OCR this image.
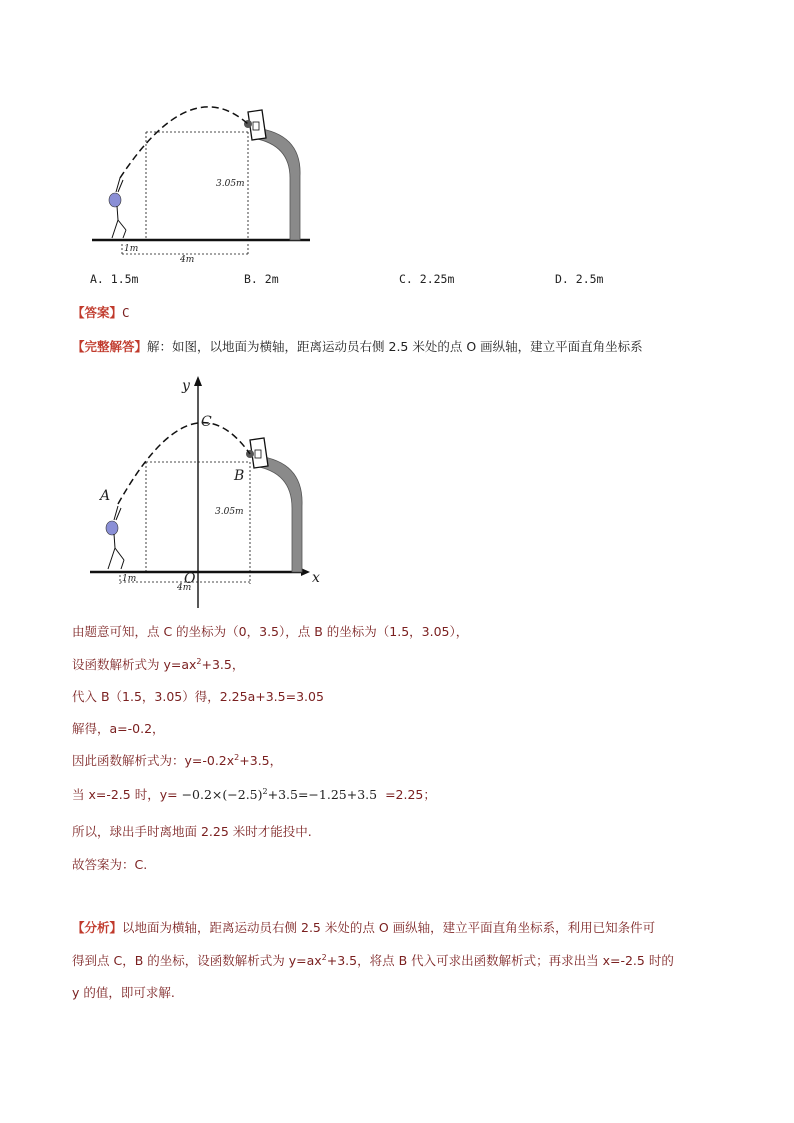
3.05m
1m
4m
A. 1.5m	B. 2m	C. 2.25m	D. 2.5m
【答案】C
【完整解答】解：如图，以地面为横轴，距离运动员右侧 2.5 米处的点 O 画纵轴，建立平面直角坐标系
y
x
A
B
C
O
3.05m
1m
4m
由题意可知，点 C 的坐标为（0，3.5），点 B 的坐标为（1.5，3.05），
设函数解析式为 $y=ax^2+3.5$，
代入 B（1.5，3.05）得，2.25a+3.5=3.05
解得，a=-0.2，
因此函数解析式为：$y=-0.2x^2+3.5$，
当 x=-2.5 时，$y= -0.2\times(-2.5)^2+3.5=-1.25+3.5 =2.25$；
所以，球出手时离地面 2.25 米时才能投中.
故答案为：C.
【分析】以地面为横轴，距离运动员右侧 2.5 米处的点 O 画纵轴，建立平面直角坐标系，利用已知条件可
得到点 C，B 的坐标，设函数解析式为 $y=ax^2+3.5$，将点 B 代入可求出函数解析式；再求出当 x=-2.5 时的
y 的值，即可求解.
